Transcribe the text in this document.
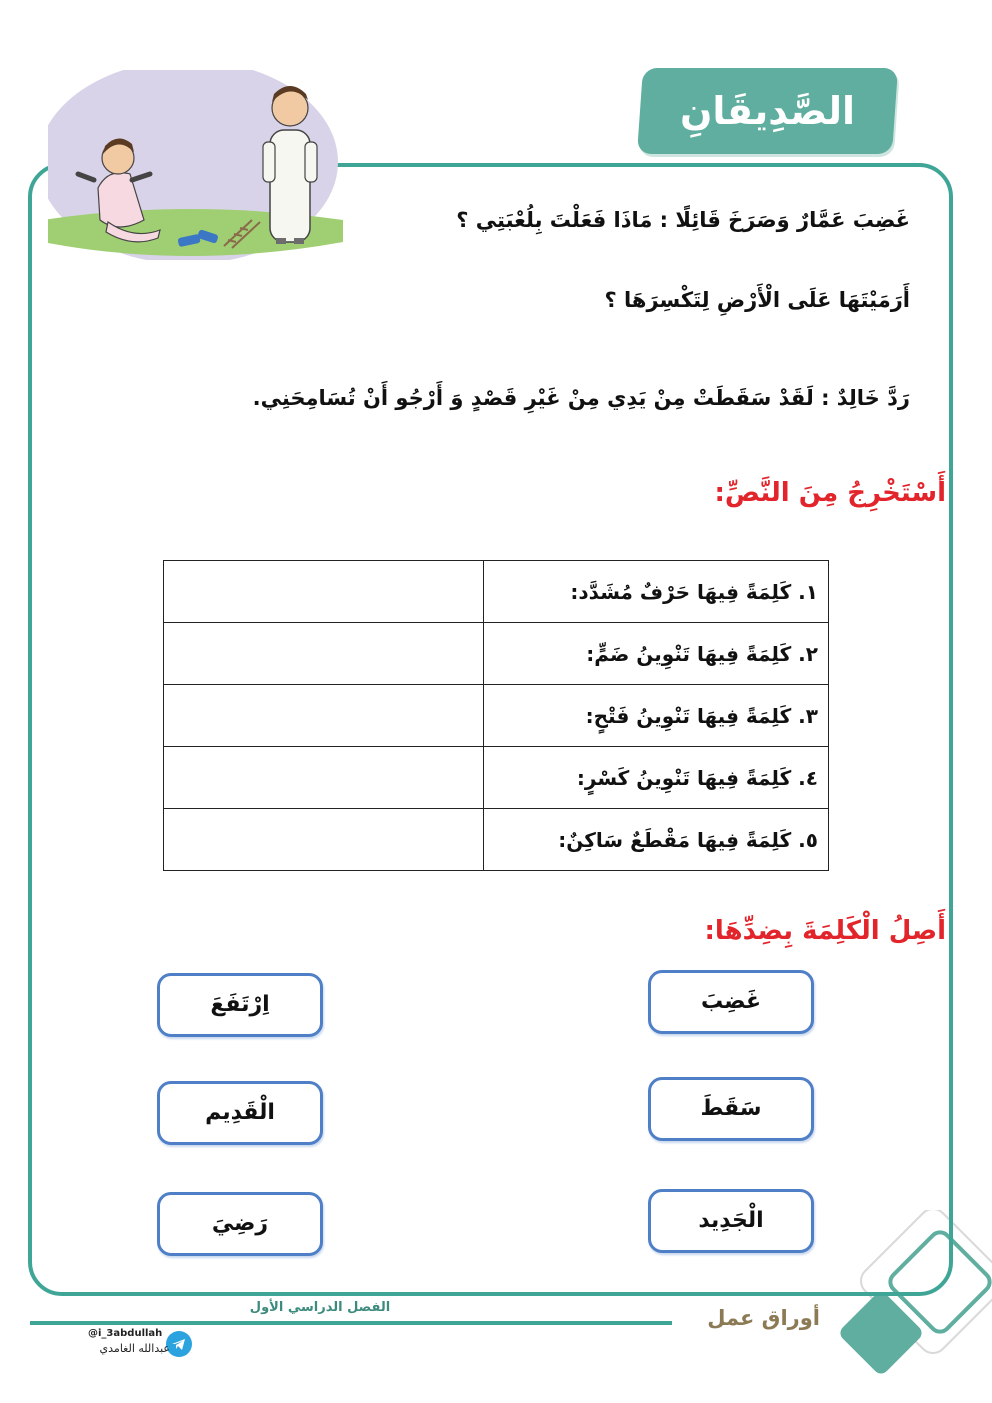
الصَّدِيقَانِ
غَضِبَ عَمَّارٌ وَصَرَخَ قَائِلًا : مَاذَا فَعَلْتَ بِلُعْبَتِي ؟
أَرَمَيْتَهَا عَلَى الْأَرْضِ لِتَكْسِرَهَا ؟
رَدَّ خَالِدٌ : لَقَدْ سَقَطَتْ مِنْ يَدِي مِنْ غَيْرِ قَصْدٍ وَ أَرْجُو أَنْ تُسَامِحَنِي.
أَسْتَخْرِجُ مِنَ النَّصِّ:
	١. كَلِمَةً فِيهَا حَرْفٌ مُشَدَّد:
	٢. كَلِمَةً فِيهَا تَنْوِينُ ضَمٍّ:
	٣. كَلِمَةً فِيهَا تَنْوِينُ فَتْحٍ:
	٤. كَلِمَةً فِيهَا تَنْوِينُ كَسْرٍ:
	٥. كَلِمَةً فِيهَا مَقْطَعٌ سَاكِنٌ:
أَصِلُ الْكَلِمَةَ بِضِدِّهَا:
غَضِبَ
سَقَطَ
الْجَدِيد
اِرْتَفَعَ
الْقَدِيم
رَضِيَ
الفصل الدراسي الأول	أوراق عمل
@i_3abdullah
عبدالله الغامدي
